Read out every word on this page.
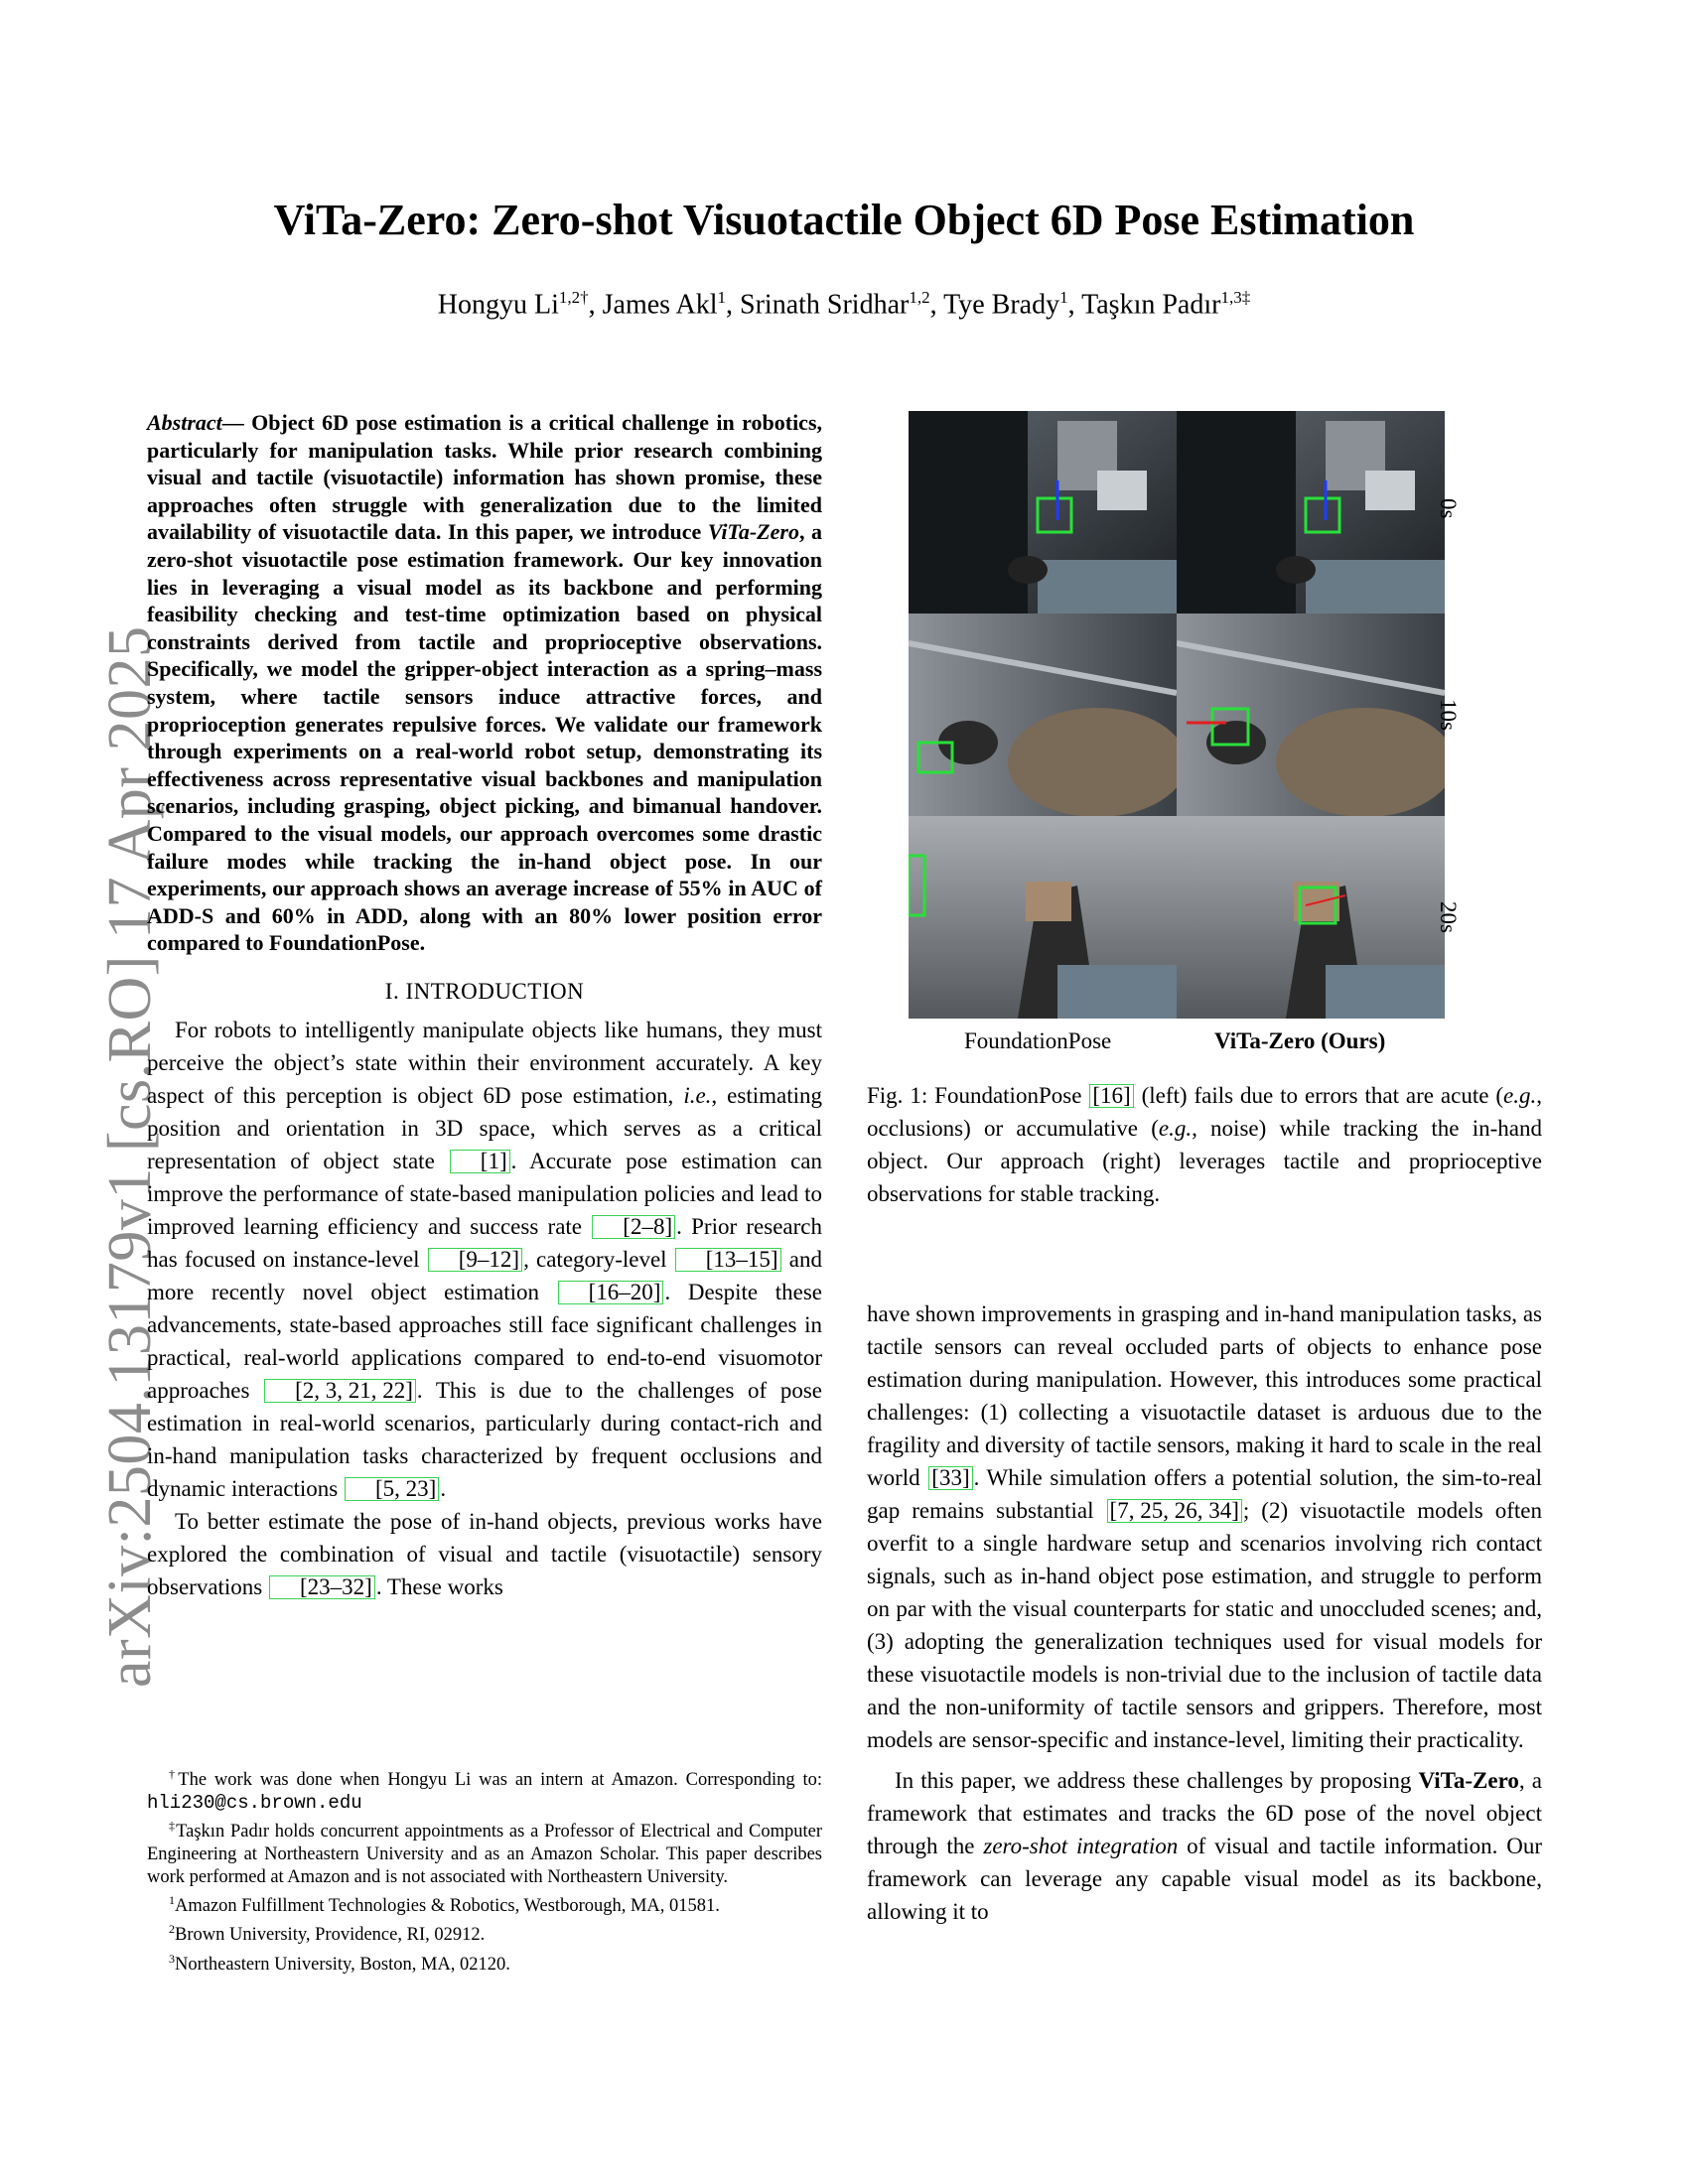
arXiv:2504.13179v1 [cs.RO] 17 Apr 2025
ViTa-Zero: Zero-shot Visuotactile Object 6D Pose Estimation
Hongyu $Li^{1,2\dagger}$, James Akl$^1$, Srinath Sridhar$^{1,2}$, Tye Brady$^1$, Taşkın Padır$^{1,3\ddagger}$
Abstract— Object 6D pose estimation is a critical challenge in robotics, particularly for manipulation tasks. While prior research combining visual and tactile (visuotactile) information has shown promise, these approaches often struggle with generalization due to the limited availability of visuotactile data. In this paper, we introduce ViTa-Zero, a zero-shot visuotactile pose estimation framework. Our key innovation lies in leveraging a visual model as its backbone and performing feasibility checking and test-time optimization based on physical constraints derived from tactile and proprioceptive observations. Specifically, we model the gripper-object interaction as a spring–mass system, where tactile sensors induce attractive forces, and proprioception generates repulsive forces. We validate our framework through experiments on a real-world robot setup, demonstrating its effectiveness across representative visual backbones and manipulation scenarios, including grasping, object picking, and bimanual handover. Compared to the visual models, our approach overcomes some drastic failure modes while tracking the in-hand object pose. In our experiments, our approach shows an average increase of 55% in AUC of ADD-S and 60% in ADD, along with an 80% lower position error compared to FoundationPose.
I. INTRODUCTION

For robots to intelligently manipulate objects like humans, they must perceive the object’s state within their environment accurately. A key aspect of this perception is object 6D pose estimation, i.e., estimating position and orientation in 3D space, which serves as a critical representation of object state [1] . Accurate pose estimation can improve the performance of state-based manipulation policies and lead to improved learning efficiency and success rate [2–8] . Prior research has focused on instance-level [9–12] , category-level [13–15] and more recently novel object estimation [16–20] . Despite these advancements, state-based approaches still face significant challenges in practical, real-world applications compared to end-to-end visuomotor approaches [2, 3, 21, 22] . This is due to the challenges of pose estimation in real-world scenarios, particularly during contact-rich and in-hand manipulation tasks characterized by frequent occlusions and dynamic interactions [5, 23] .

To better estimate the pose of in-hand objects, previous works have explored the combination of visual and tactile (visuotactile) sensory observations [23–32] . These works

†The work was done when Hongyu Li was an intern at Amazon. Corresponding to: hli230@cs.brown.edu

‡Taşkın Padır holds concurrent appointments as a Professor of Electrical and Computer Engineering at Northeastern University and as an Amazon Scholar. This paper describes work performed at Amazon and is not associated with Northeastern University.

$^1$Amazon Fulfillment Technologies & Robotics, Westborough, MA, 01581.

$^2$Brown University, Providence, RI, 02912.

$^3$Northeastern University, Boston, MA, 02120.

0s
10s
20s
FoundationPose	ViTa-Zero (Ours)
Fig. 1: FoundationPose [16] (left) fails due to errors that are acute (e.g., occlusions) or accumulative (e.g., noise) while tracking the in-hand object. Our approach (right) leverages tactile and proprioceptive observations for stable tracking.

have shown improvements in grasping and in-hand manipulation tasks, as tactile sensors can reveal occluded parts of objects to enhance pose estimation during manipulation. However, this introduces some practical challenges: (1) collecting a visuotactile dataset is arduous due to the fragility and diversity of tactile sensors, making it hard to scale in the real world [33] . While simulation offers a potential solution, the sim-to-real gap remains substantial [7, 25, 26, 34] ; (2) visuotactile models often overfit to a single hardware setup and scenarios involving rich contact signals, such as in-hand object pose estimation, and struggle to perform on par with the visual counterparts for static and unoccluded scenes; and, (3) adopting the generalization techniques used for visual models for these visuotactile models is non-trivial due to the inclusion of tactile data and the non-uniformity of tactile sensors and grippers. Therefore, most models are sensor-specific and instance-level, limiting their practicality.

In this paper, we address these challenges by proposing ViTa-Zero, a framework that estimates and tracks the 6D pose of the novel object through the zero-shot integration of visual and tactile information. Our framework can leverage any capable visual model as its backbone, allowing it to
